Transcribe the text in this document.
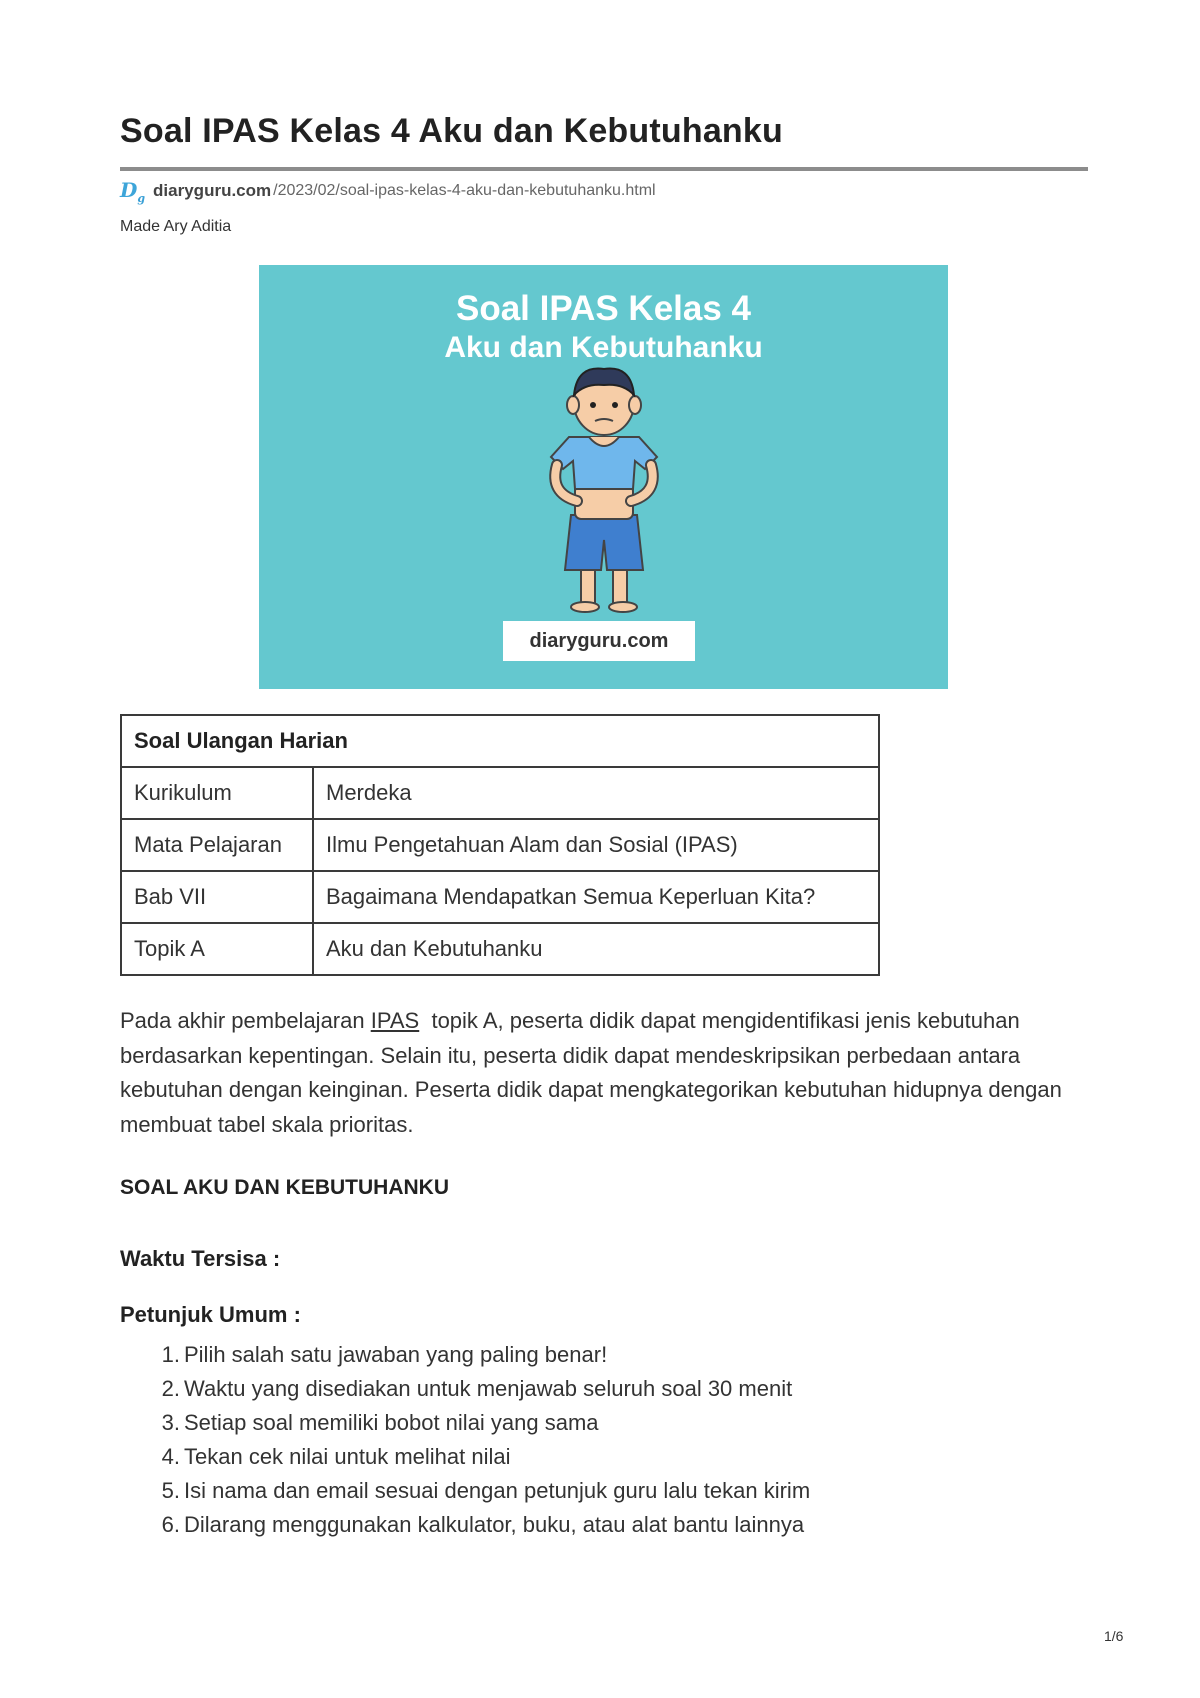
Soal IPAS Kelas 4 Aku dan Kebutuhanku
$D_g$ diaryguru.com /2023/02/soal-ipas-kelas-4-aku-dan-kebutuhanku.html
Made Ary Aditia
Soal IPAS Kelas 4
Aku dan Kebutuhanku
diaryguru.com
Soal Ulangan Harian	
Kurikulum	Merdeka
Mata Pelajaran	Ilmu Pengetahuan Alam dan Sosial (IPAS)
Bab VII	Bagaimana Mendapatkan Semua Keperluan Kita?
Topik A	Aku dan Kebutuhanku

Pada akhir pembelajaran IPAS  topik A, peserta didik dapat mengidentifikasi jenis kebutuhan berdasarkan kepentingan. Selain itu, peserta didik dapat mendeskripsikan perbedaan antara kebutuhan dengan keinginan. Peserta didik dapat mengkategorikan kebutuhan hidupnya dengan membuat tabel skala prioritas.

SOAL AKU DAN KEBUTUHANKU
Waktu Tersisa :
Petunjuk Umum :
1. Pilih salah satu jawaban yang paling benar!
2. Waktu yang disediakan untuk menjawab seluruh soal 30 menit
3. Setiap soal memiliki bobot nilai yang sama
4. Tekan cek nilai untuk melihat nilai
5. Isi nama dan email sesuai dengan petunjuk guru lalu tekan kirim
6. Dilarang menggunakan kalkulator, buku, atau alat bantu lainnya
1/6
